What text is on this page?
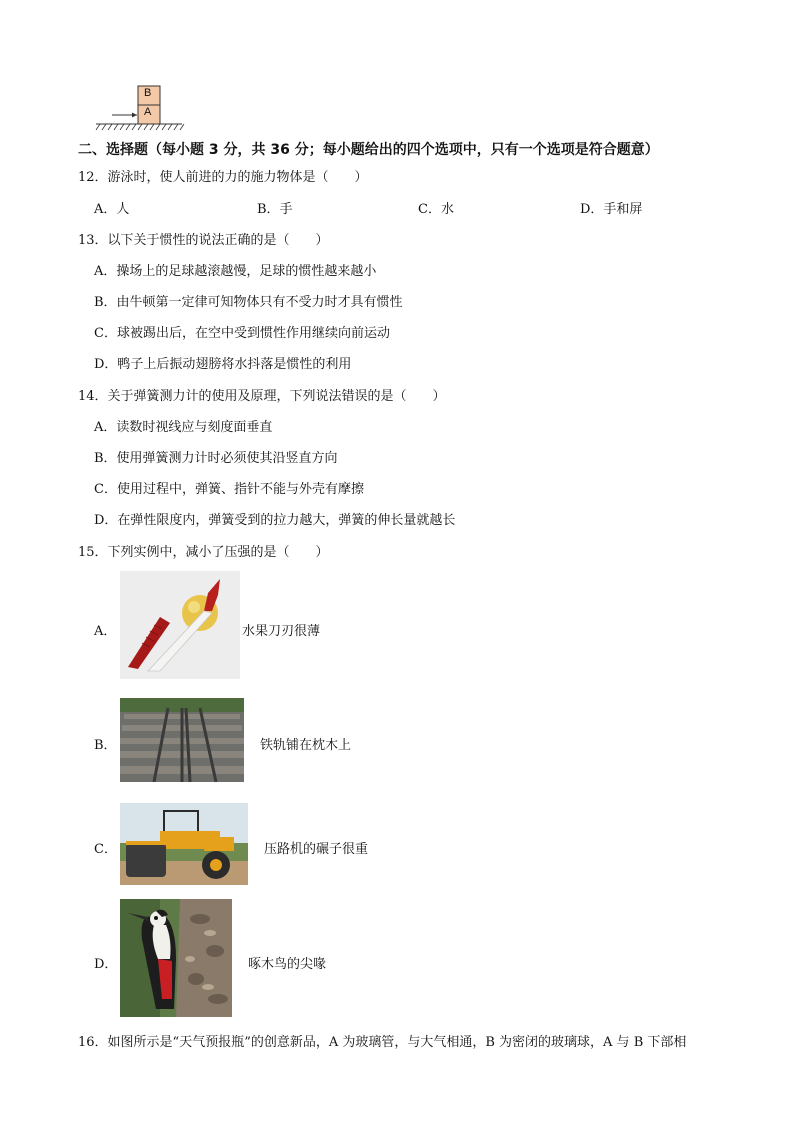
B
A
二、选择题（每小题 3 分，共 36 分；每小题给出的四个选项中，只有一个选项是符合题意）
12．游泳时，使人前进的力的施力物体是（　　）
A．人	B．手	C．水	D．手和屏
13．以下关于惯性的说法正确的是（　　）
A．操场上的足球越滚越慢，足球的惯性越来越小
B．由牛顿第一定律可知物体只有不受力时才具有惯性
C．球被踢出后，在空中受到惯性作用继续向前运动
D．鸭子上后振动翅膀将水抖落是惯性的利用
14．关于弹簧测力计的使用及原理，下列说法错误的是（　　）
A．读数时视线应与刻度面垂直
B．使用弹簧测力计时必须使其沿竖直方向
C．使用过程中，弹簧、指针不能与外壳有摩擦
D．在弹性限度内，弹簧受到的拉力越大，弹簧的伸长量就越长
15．下列实例中，减小了压强的是（　　）
A．	水果刀刃很薄
B．	铁轨铺在枕木上
C．	压路机的碾子很重
D．	啄木鸟的尖喙
16．如图所示是“天气预报瓶”的创意新品，A 为玻璃管，与大气相通，B 为密闭的玻璃球，A 与 B 下部相
